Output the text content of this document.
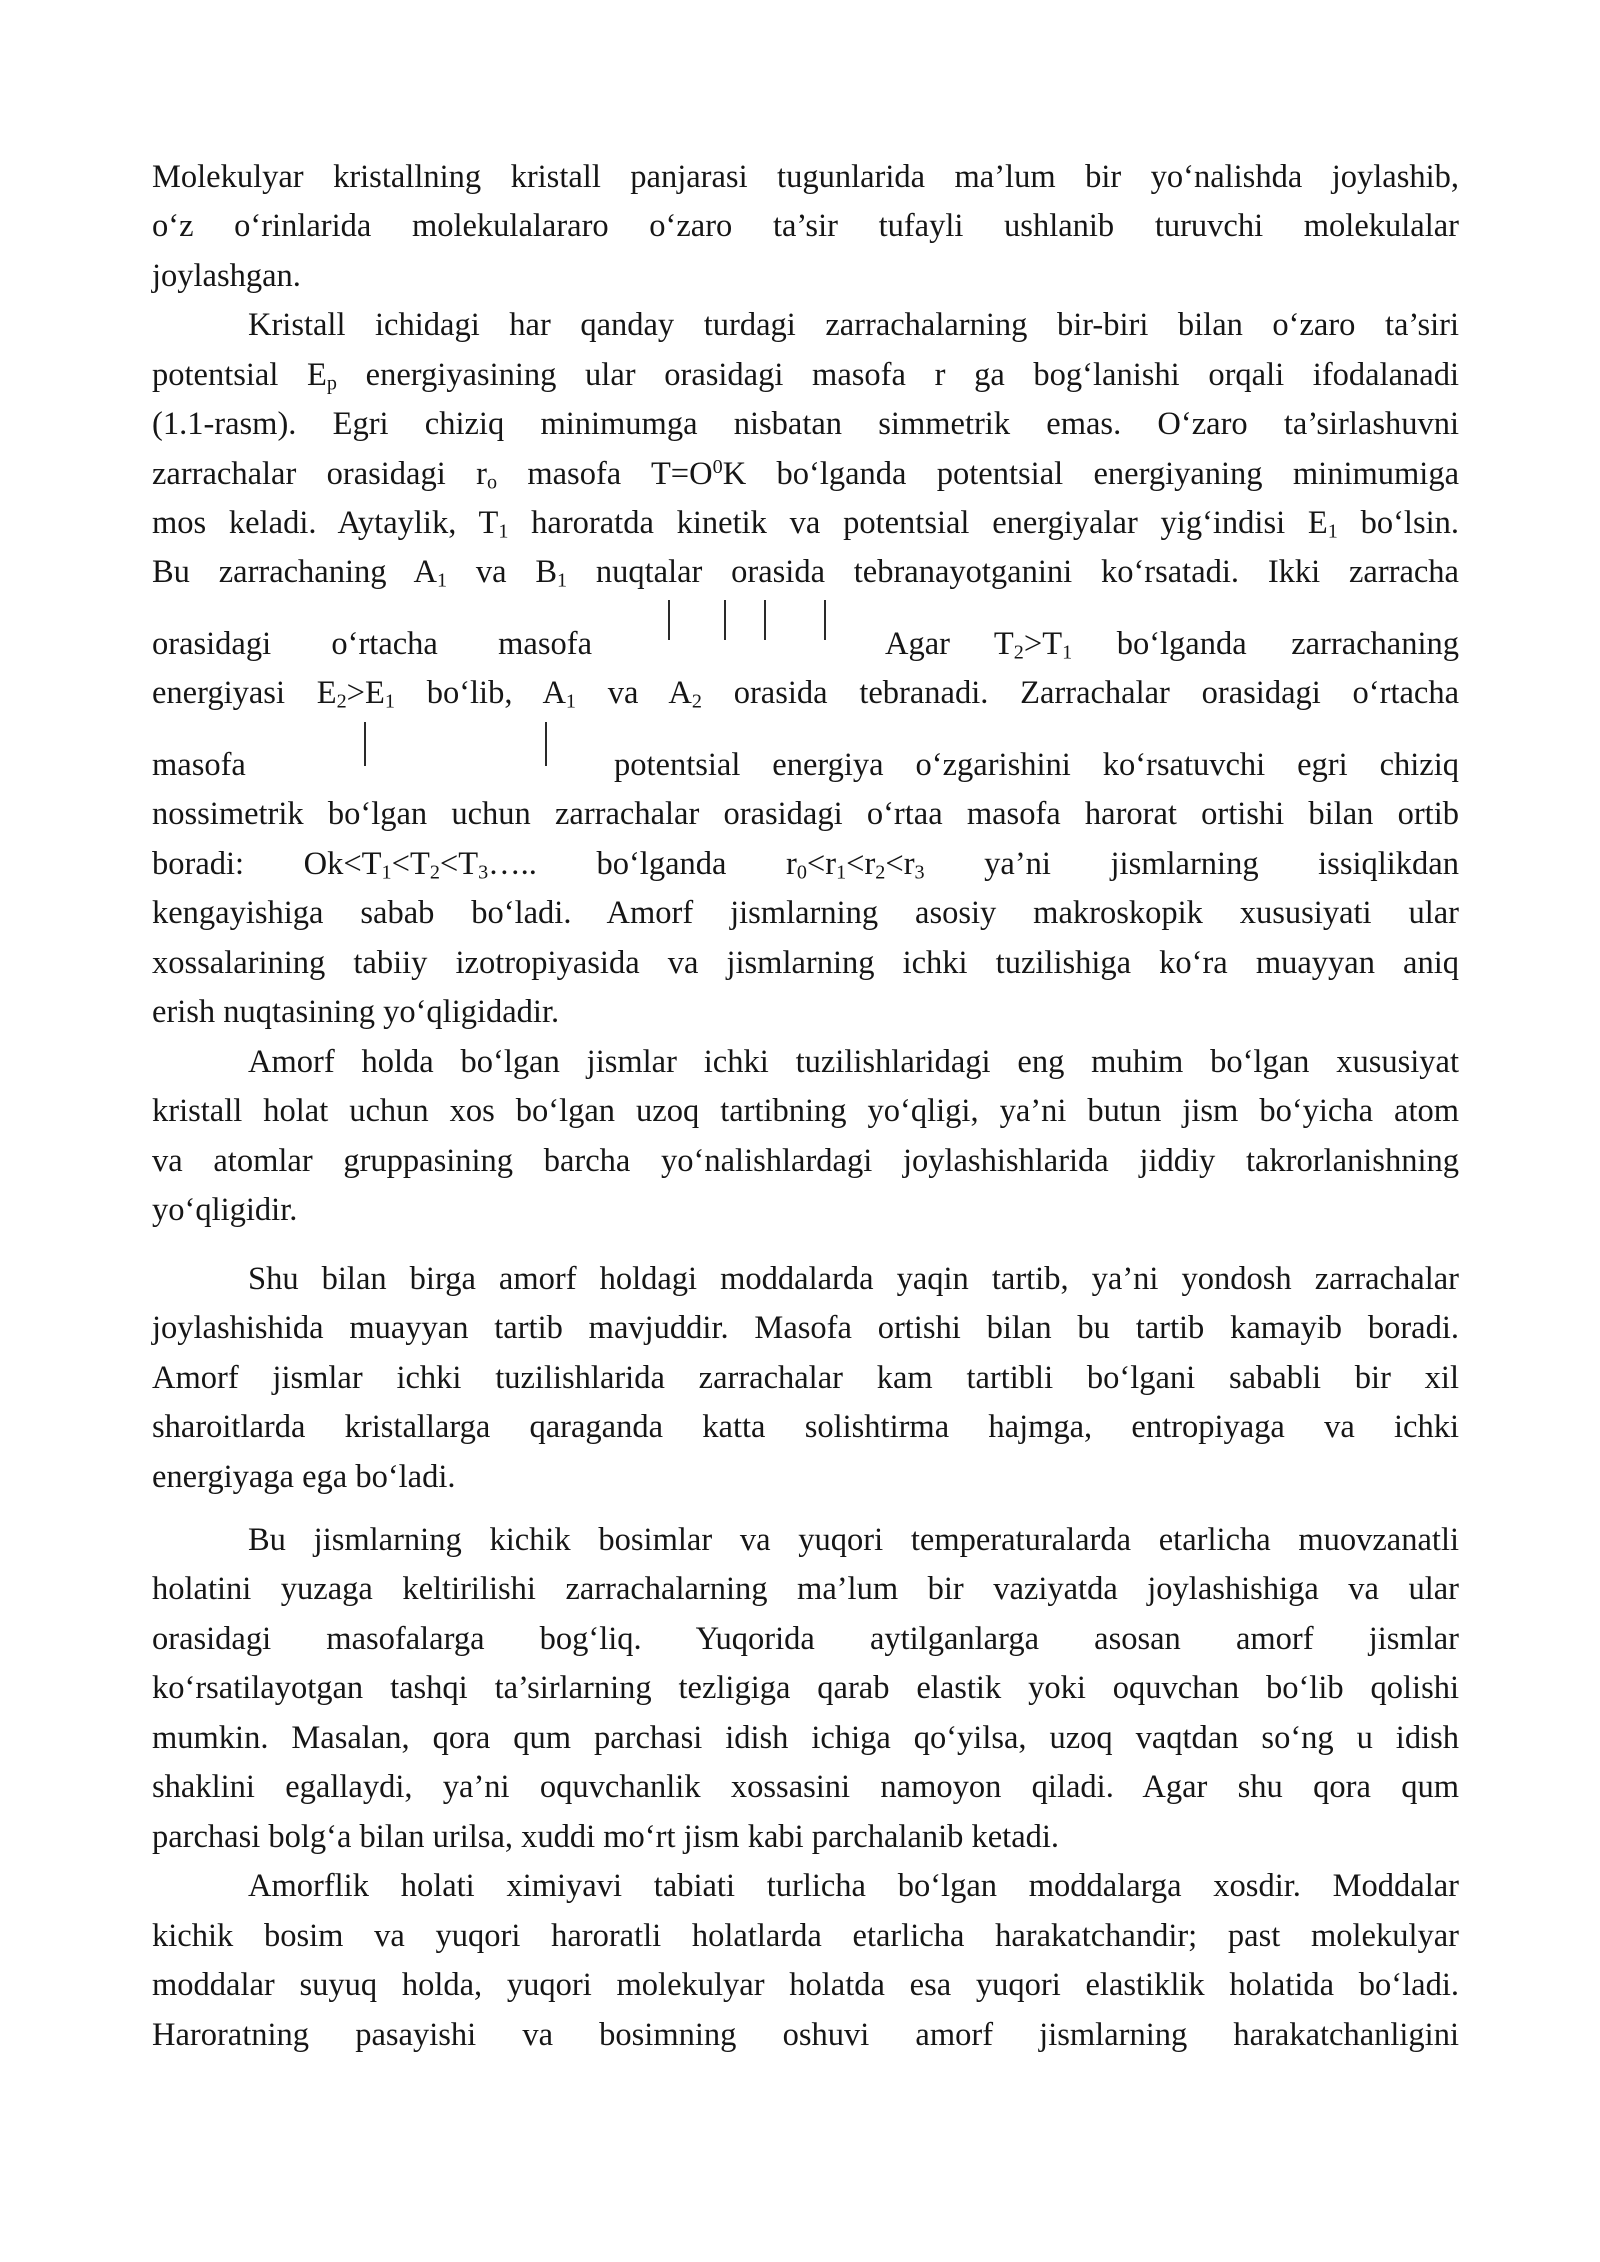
Molekulyar kristallning kristall panjarasi tugunlarida ma’lum bir yo‘nalishda joylashib,
o‘z o‘rinlarida molekulalararo o‘zaro ta’sir tufayli ushlanib turuvchi molekulalar
joylashgan.
Kristall ichidagi har qanday turdagi zarrachalarning bir-biri bilan o‘zaro ta’siri
potentsial $E_p$ energiyasining ular orasidagi masofa r ga bog‘lanishi orqali ifodalanadi
(1.1-rasm). Egri chiziq minimumga nisbatan simmetrik emas. O‘zaro ta’sirlashuvni
zarrachalar orasidagi $r_o$ masofa $T=O^0K$ bo‘lganda potentsial energiyaning minimumiga
mos keladi. Aytaylik, $T_1$ haroratda kinetik va potentsial energiyalar yig‘indisi $E_1$ bo‘lsin.
Bu zarrachaning $A_1$ va $B_1$ nuqtalar orasida tebranayotganini ko‘rsatadi. Ikki zarracha
orasidagi o‘rtacha masofa	Agar $T_2>T_1$ bo‘lganda zarrachaning
energiyasi $E_2>E_1$ bo‘lib, $A_1$ va $A_2$ orasida tebranadi. Zarrachalar orasidagi o‘rtacha
masofa	potentsial energiya o‘zgarishini ko‘rsatuvchi egri chiziq
nossimetrik bo‘lgan uchun zarrachalar orasidagi o‘rtaa masofa harorat ortishi bilan ortib
boradi: $Ok<T_1<T_2<T_3\dots$.. bo‘lganda $r_0<r_1<r_2<r_3$ ya’ni jismlarning issiqlikdan
kengayishiga sabab bo‘ladi. Amorf jismlarning asosiy makroskopik xususiyati ular
xossalarining tabiiy izotropiyasida va jismlarning ichki tuzilishiga ko‘ra muayyan aniq
erish nuqtasining yo‘qligidadir.
Amorf holda bo‘lgan jismlar ichki tuzilishlaridagi eng muhim bo‘lgan xususiyat
kristall holat uchun xos bo‘lgan uzoq tartibning yo‘qligi, ya’ni butun jism bo‘yicha atom
va atomlar gruppasining barcha yo‘nalishlardagi joylashishlarida jiddiy takrorlanishning
yo‘qligidir.
Shu bilan birga amorf holdagi moddalarda yaqin tartib, ya’ni yondosh zarrachalar
joylashishida muayyan tartib mavjuddir. Masofa ortishi bilan bu tartib kamayib boradi.
Amorf jismlar ichki tuzilishlarida zarrachalar kam tartibli bo‘lgani sababli bir xil
sharoitlarda kristallarga qaraganda katta solishtirma hajmga, entropiyaga va ichki
energiyaga ega bo‘ladi.
Bu jismlarning kichik bosimlar va yuqori temperaturalarda etarlicha muovzanatli
holatini yuzaga keltirilishi zarrachalarning ma’lum bir vaziyatda joylashishiga va ular
orasidagi masofalarga bog‘liq. Yuqorida aytilganlarga asosan amorf jismlar
ko‘rsatilayotgan tashqi ta’sirlarning tezligiga qarab elastik yoki oquvchan bo‘lib qolishi
mumkin. Masalan, qora qum parchasi idish ichiga qo‘yilsa, uzoq vaqtdan so‘ng u idish
shaklini egallaydi, ya’ni oquvchanlik xossasini namoyon qiladi. Agar shu qora qum
parchasi bolg‘a bilan urilsa, xuddi mo‘rt jism kabi parchalanib ketadi.
Amorflik holati ximiyavi tabiati turlicha bo‘lgan moddalarga xosdir. Moddalar
kichik bosim va yuqori haroratli holatlarda etarlicha harakatchandir; past molekulyar
moddalar suyuq holda, yuqori molekulyar holatda esa yuqori elastiklik holatida bo‘ladi.
Haroratning pasayishi va bosimning oshuvi amorf jismlarning harakatchanligini
